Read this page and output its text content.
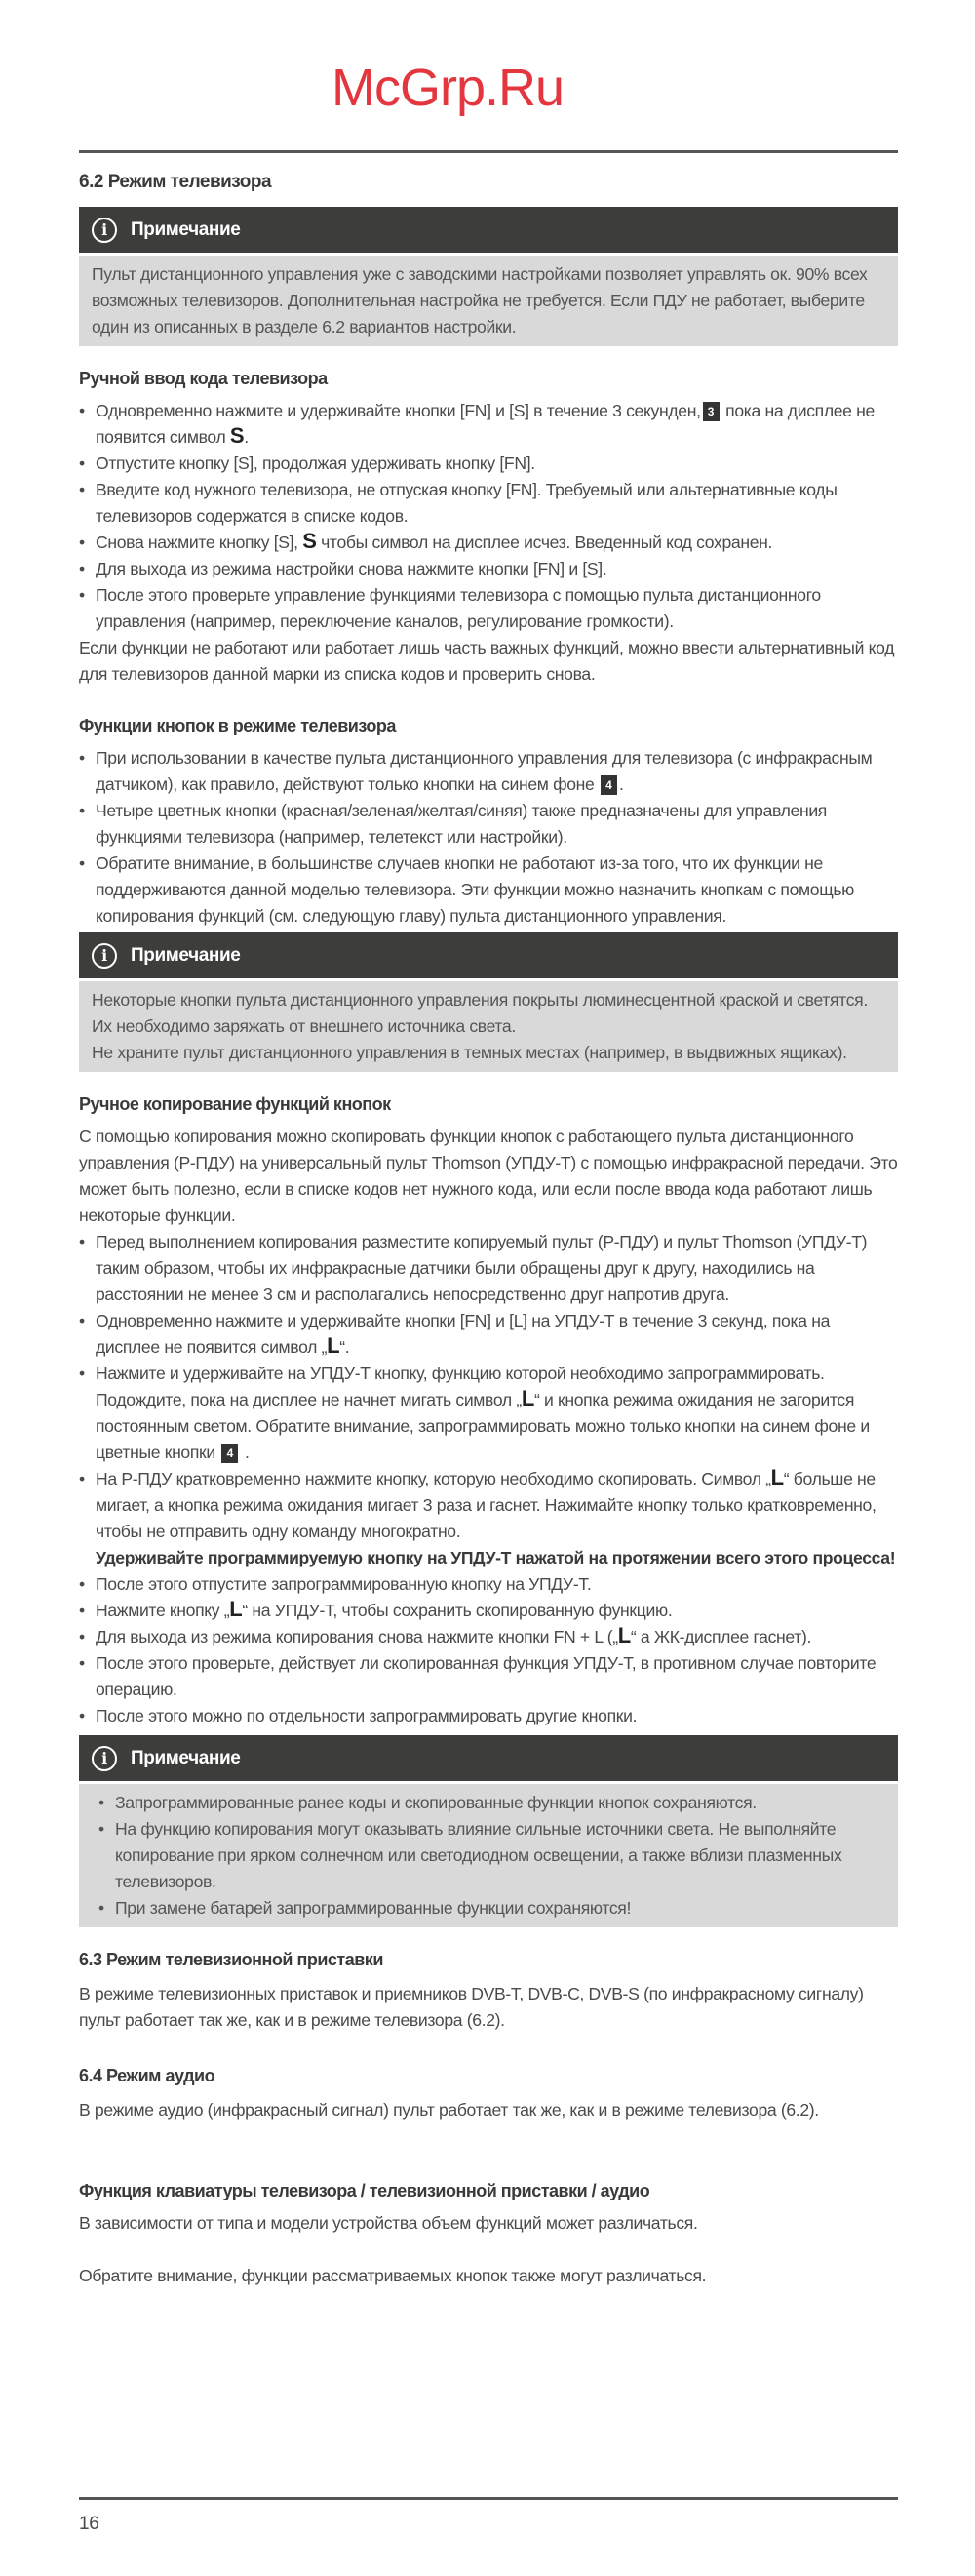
6.2 Режим телевизора
i	Примечание

Пульт дистанционного управления уже с заводскими настройками позволяет управлять ок. 90% всех возможных телевизоров. Дополнительная настройка не требуется. Если ПДУ не работает, выберите один из описанных в разделе 6.2 вариантов настройки.

Ручной ввод кода телевизора
• Одновременно нажмите и удерживайте кнопки [FN] и [S] в течение 3 секунден, 3 пока на дисплее не появится символ S.
• Отпустите кнопку [S], продолжая удерживать кнопку [FN].
• Введите код нужного телевизора, не отпуская кнопку [FN]. Требуемый или альтернативные коды телевизоров содержатся в списке кодов.
• Снова нажмите кнопку [S], S чтобы символ на дисплее исчез. Введенный код сохранен.
• Для выхода из режима настройки снова нажмите кнопки [FN] и [S].
• После этого проверьте управление функциями телевизора с помощью пульта дистанционного управления (например, переключение каналов, регулирование громкости).

Если функции не работают или работает лишь часть важных функций, можно ввести альтернативный код для телевизоров данной марки из списка кодов и проверить снова.

Функции кнопок в режиме телевизора
• При использовании в качестве пульта дистанционного управления для телевизора (с инфракрасным датчиком), как правило, действуют только кнопки на синем фоне 4 .
• Четыре цветных кнопки (красная/зеленая/желтая/синяя) также предназначены для управления функциями телевизора (например, телетекст или настройки).
• Обратите внимание, в большинстве случаев кнопки не работают из-за того, что их функции не поддерживаются данной моделью телевизора. Эти функции можно назначить кнопкам с помощью копирования функций (см. следующую главу) пульта дистанционного управления.
i	Примечание

Некоторые кнопки пульта дистанционного управления покрыты люминесцентной краской и светятся. Их необходимо заряжать от внешнего источника света.

Не храните пульт дистанционного управления в темных местах (например, в выдвижных ящиках).

Ручное копирование функций кнопок

С помощью копирования можно скопировать функции кнопок с работающего пульта дистанционного управления (Р-ПДУ) на универсальный пульт Thomson (УПДУ-Т) с помощью инфракрасной передачи. Это может быть полезно, если в списке кодов нет нужного кода, или если после ввода кода работают лишь некоторые функции.

• Перед выполнением копирования разместите копируемый пульт (Р-ПДУ) и пульт Thomson (УПДУ-Т) таким образом, чтобы их инфракрасные датчики были обращены друг к другу, находились на расстоянии не менее 3 см и располагались непосредственно друг напротив друга.
• Одновременно нажмите и удерживайте кнопки [FN] и [L] на УПДУ-Т в течение 3 секунд, пока на дисплее не появится символ „L“.
• Нажмите и удерживайте на УПДУ-Т кнопку, функцию которой необходимо запрограммировать. Подождите, пока на дисплее не начнет мигать символ „L“ и кнопка режима ожидания не загорится постоянным светом. Обратите внимание, запрограммировать можно только кнопки на синем фоне и цветные кнопки 4 .
• На Р-ПДУ кратковременно нажмите кнопку, которую необходимо скопировать. Символ „L“ больше не мигает, а кнопка режима ожидания мигает 3 раза и гаснет. Нажимайте кнопку только кратковременно, чтобы не отправить одну команду многократно.
Удерживайте программируемую кнопку на УПДУ-Т нажатой на протяжении всего этого процесса!
• После этого отпустите запрограммированную кнопку на УПДУ-Т.
• Нажмите кнопку „L“ на УПДУ-Т, чтобы сохранить скопированную функцию.
• Для выхода из режима копирования снова нажмите кнопки FN + L („L“ а ЖК-дисплее гаснет).
• После этого проверьте, действует ли скопированная функция УПДУ-Т, в противном случае повторите операцию.
• После этого можно по отдельности запрограммировать другие кнопки.
i	Примечание
• Запрограммированные ранее коды и скопированные функции кнопок сохраняются.
• На функцию копирования могут оказывать влияние сильные источники света. Не выполняйте копирование при ярком солнечном или светодиодном освещении, а также вблизи плазменных телевизоров.
• При замене батарей запрограммированные функции сохраняются!
6.3 Режим телевизионной приставки

В режиме телевизионных приставок и приемников DVB-T, DVB-C, DVB-S (по инфракрасному сигналу) пульт работает так же, как и в режиме телевизора (6.2).

6.4 Режим аудио

В режиме аудио (инфракрасный сигнал) пульт работает так же, как и в режиме телевизора (6.2).

Функция клавиатуры телевизора / телевизионной приставки / аудио

В зависимости от типа и модели устройства объем функций может различаться.

Обратите внимание, функции рассматриваемых кнопок также могут различаться.

16
McGrp.Ru
